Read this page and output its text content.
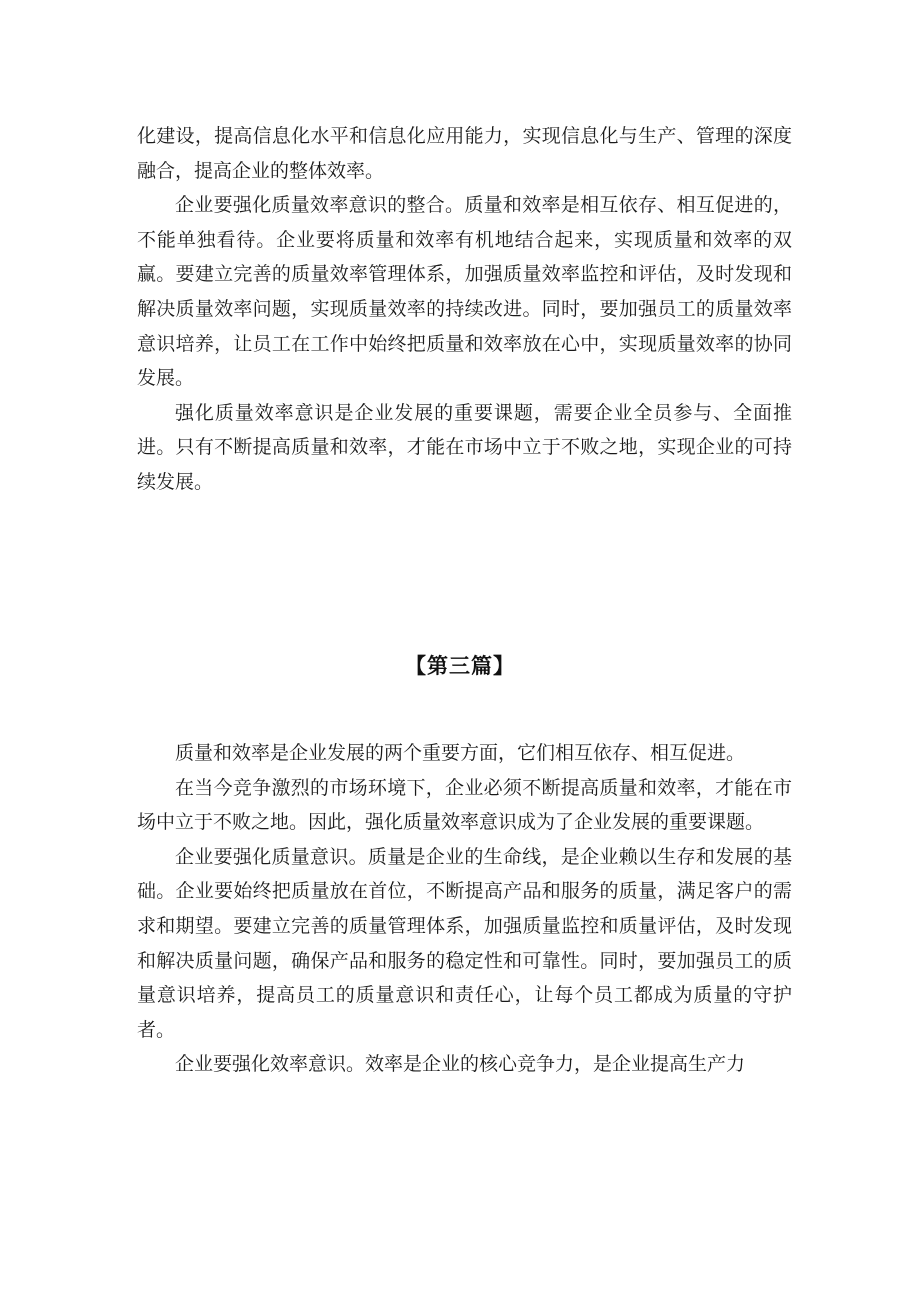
化建设，提高信息化水平和信息化应用能力，实现信息化与生产、管理的深度融合，提高企业的整体效率。

企业要强化质量效率意识的整合。质量和效率是相互依存、相互促进的，不能单独看待。企业要将质量和效率有机地结合起来，实现质量和效率的双赢。要建立完善的质量效率管理体系，加强质量效率监控和评估，及时发现和解决质量效率问题，实现质量效率的持续改进。同时，要加强员工的质量效率意识培养，让员工在工作中始终把质量和效率放在心中，实现质量效率的协同发展。

强化质量效率意识是企业发展的重要课题，需要企业全员参与、全面推进。只有不断提高质量和效率，才能在市场中立于不败之地，实现企业的可持续发展。

【第三篇】

质量和效率是企业发展的两个重要方面，它们相互依存、相互促进。

在当今竞争激烈的市场环境下，企业必须不断提高质量和效率，才能在市场中立于不败之地。因此，强化质量效率意识成为了企业发展的重要课题。

企业要强化质量意识。质量是企业的生命线，是企业赖以生存和发展的基础。企业要始终把质量放在首位，不断提高产品和服务的质量，满足客户的需求和期望。要建立完善的质量管理体系，加强质量监控和质量评估，及时发现和解决质量问题，确保产品和服务的稳定性和可靠性。同时，要加强员工的质量意识培养，提高员工的质量意识和责任心，让每个员工都成为质量的守护者。

企业要强化效率意识。效率是企业的核心竞争力，是企业提高生产力
